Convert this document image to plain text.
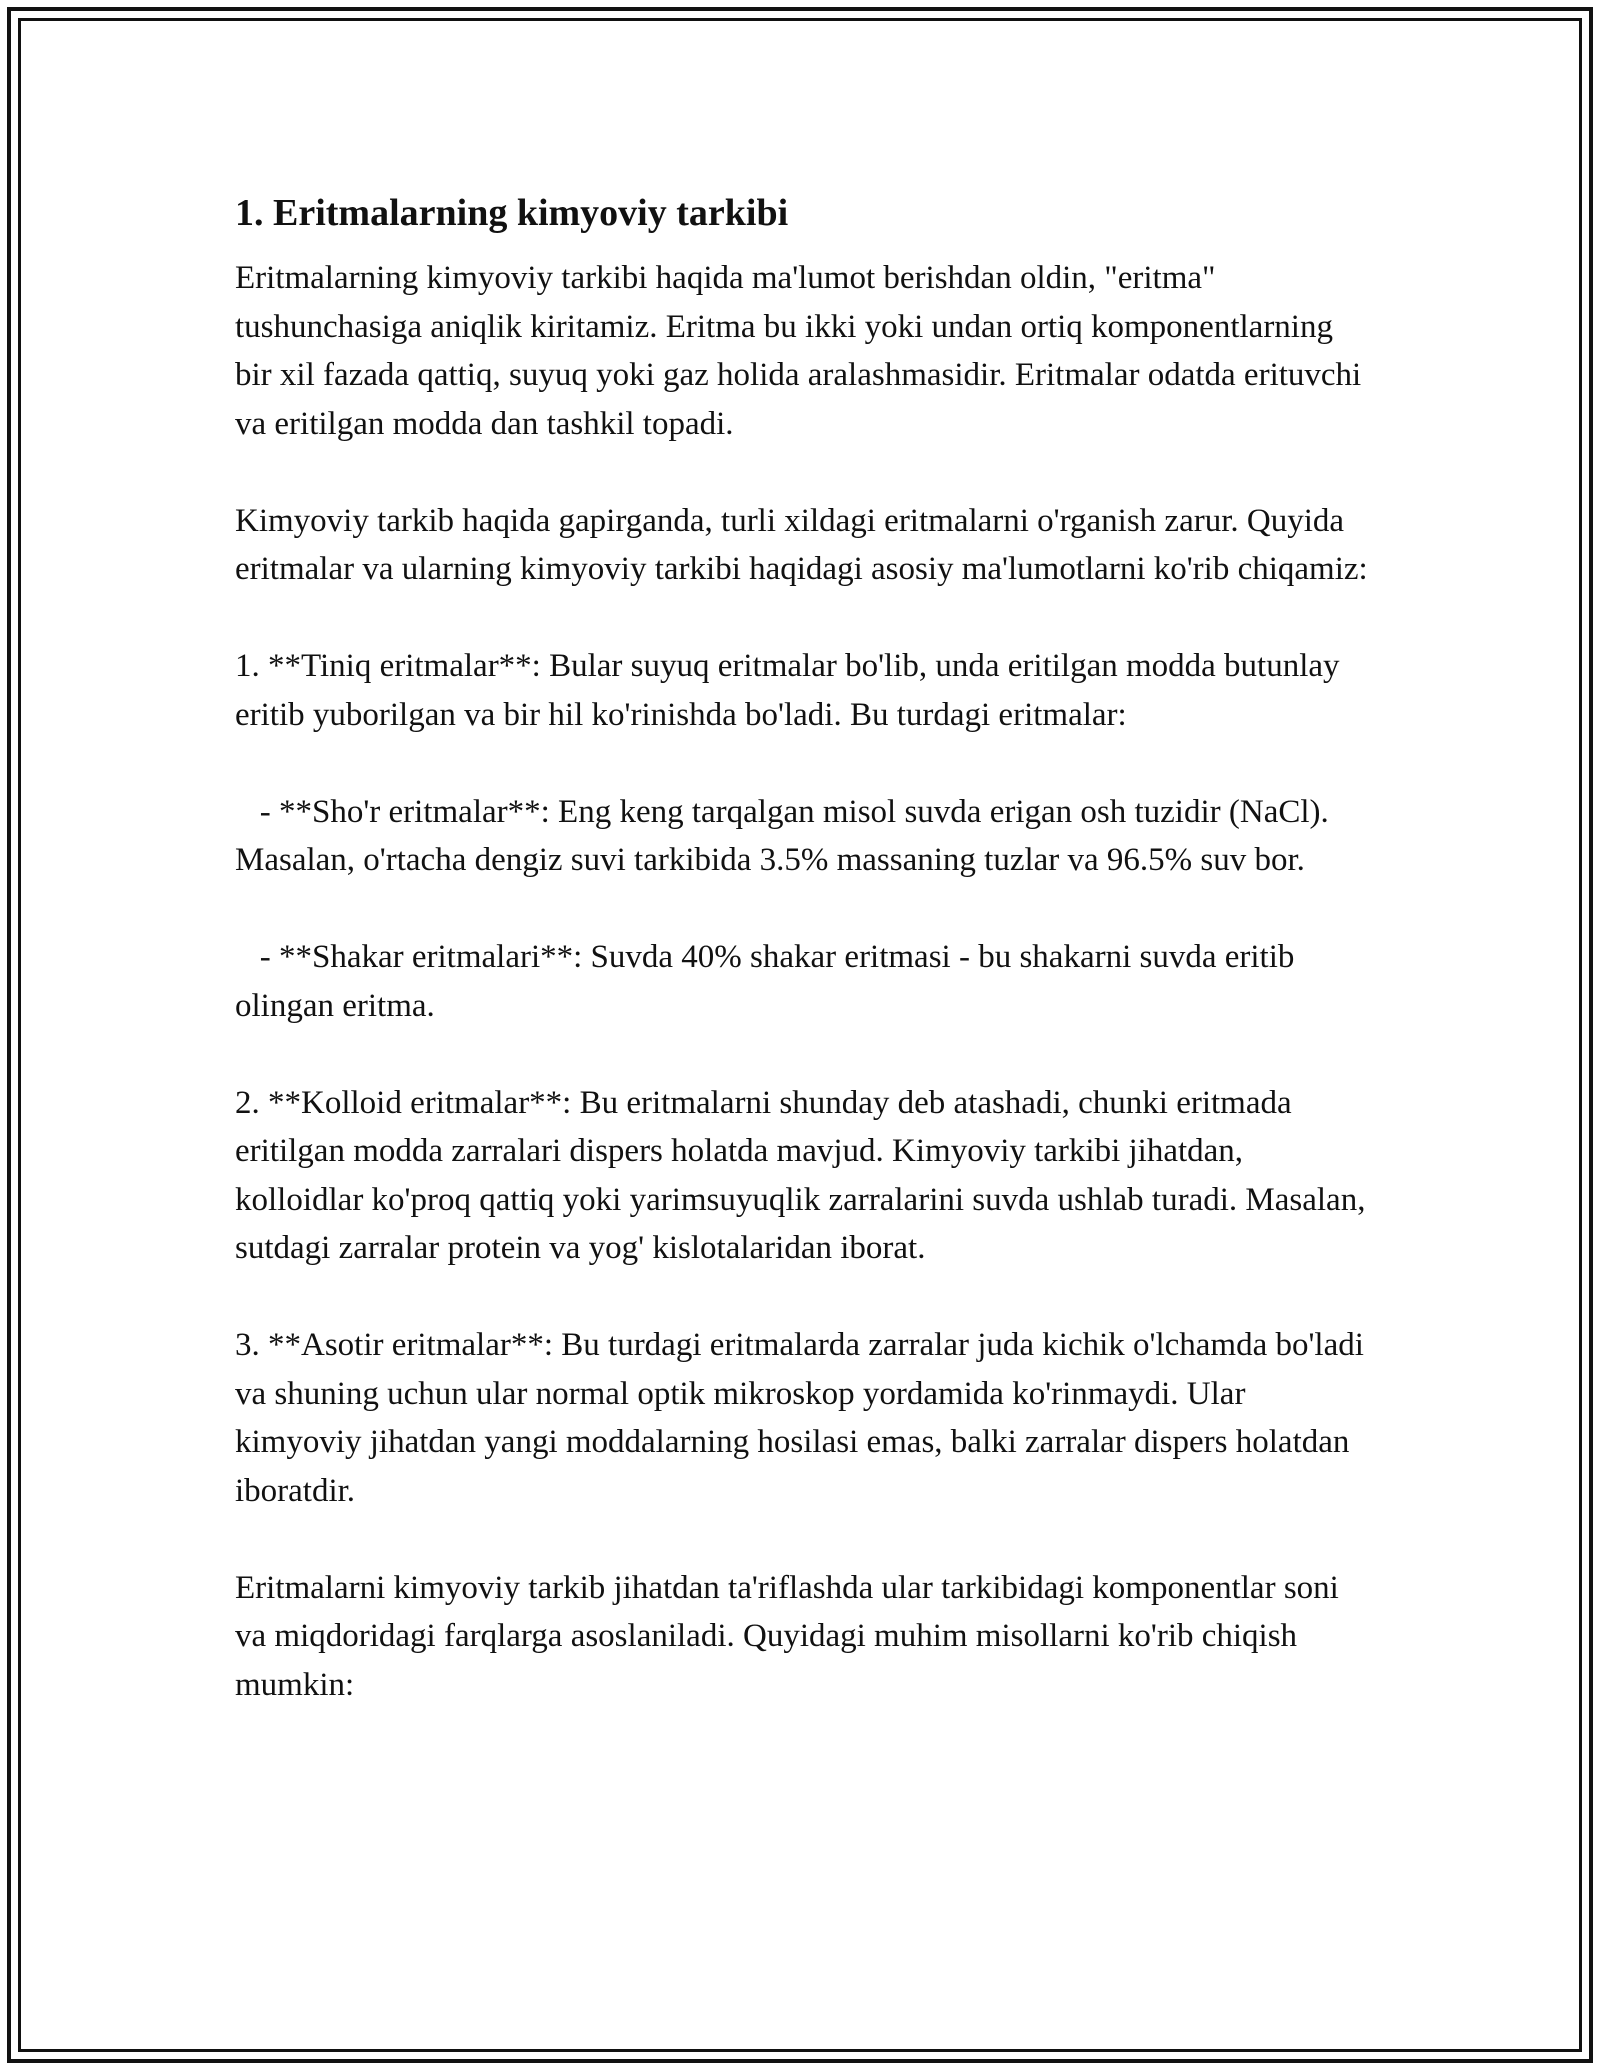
1. Eritmalarning kimyoviy tarkibi

Eritmalarning kimyoviy tarkibi haqida ma'lumot berishdan oldin, "eritma" tushunchasiga aniqlik kiritamiz. Eritma bu ikki yoki undan ortiq komponentlarning bir xil fazada qattiq, suyuq yoki gaz holida aralashmasidir. Eritmalar odatda erituvchi va eritilgan modda dan tashkil topadi.

Kimyoviy tarkib haqida gapirganda, turli xildagi eritmalarni o'rganish zarur. Quyida eritmalar va ularning kimyoviy tarkibi haqidagi asosiy ma'lumotlarni ko'rib chiqamiz:

1. **Tiniq eritmalar**: Bular suyuq eritmalar bo'lib, unda eritilgan modda butunlay eritib yuborilgan va bir hil ko'rinishda bo'ladi. Bu turdagi eritmalar:

- **Sho'r eritmalar**: Eng keng tarqalgan misol suvda erigan osh tuzidir (NaCl). Masalan, o'rtacha dengiz suvi tarkibida 3.5% massaning tuzlar va 96.5% suv bor.

- **Shakar eritmalari**: Suvda 40% shakar eritmasi - bu shakarni suvda eritib olingan eritma.

2. **Kolloid eritmalar**: Bu eritmalarni shunday deb atashadi, chunki eritmada eritilgan modda zarralari dispers holatda mavjud. Kimyoviy tarkibi jihatdan, kolloidlar ko'proq qattiq yoki yarimsuyuqlik zarralarini suvda ushlab turadi. Masalan, sutdagi zarralar protein va yog' kislotalaridan iborat.

3. **Asotir eritmalar**: Bu turdagi eritmalarda zarralar juda kichik o'lchamda bo'ladi va shuning uchun ular normal optik mikroskop yordamida ko'rinmaydi. Ular kimyoviy jihatdan yangi moddalarning hosilasi emas, balki zarralar dispers holatdan iboratdir.

Eritmalarni kimyoviy tarkib jihatdan ta'riflashda ular tarkibidagi komponentlar soni va miqdoridagi farqlarga asoslaniladi. Quyidagi muhim misollarni ko'rib chiqish mumkin:
